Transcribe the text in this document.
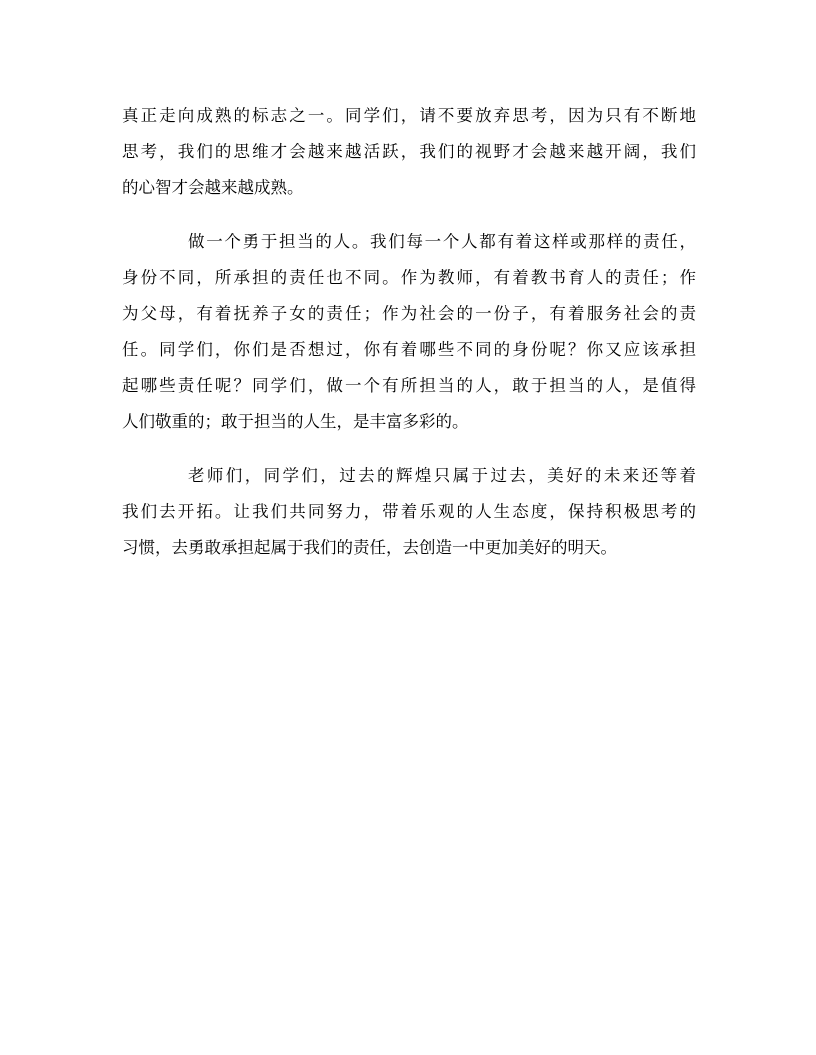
真正走向成熟的标志之一。同学们，请不要放弃思考，因为只有不断地
思考，我们的思维才会越来越活跃，我们的视野才会越来越开阔，我们
的心智才会越来越成熟。
做一个勇于担当的人。我们每一个人都有着这样或那样的责任，
身份不同，所承担的责任也不同。作为教师，有着教书育人的责任；作
为父母，有着抚养子女的责任；作为社会的一份子，有着服务社会的责
任。同学们，你们是否想过，你有着哪些不同的身份呢？你又应该承担
起哪些责任呢？同学们，做一个有所担当的人，敢于担当的人，是值得
人们敬重的；敢于担当的人生，是丰富多彩的。
老师们，同学们，过去的辉煌只属于过去，美好的未来还等着
我们去开拓。让我们共同努力，带着乐观的人生态度，保持积极思考的
习惯，去勇敢承担起属于我们的责任，去创造一中更加美好的明天。
